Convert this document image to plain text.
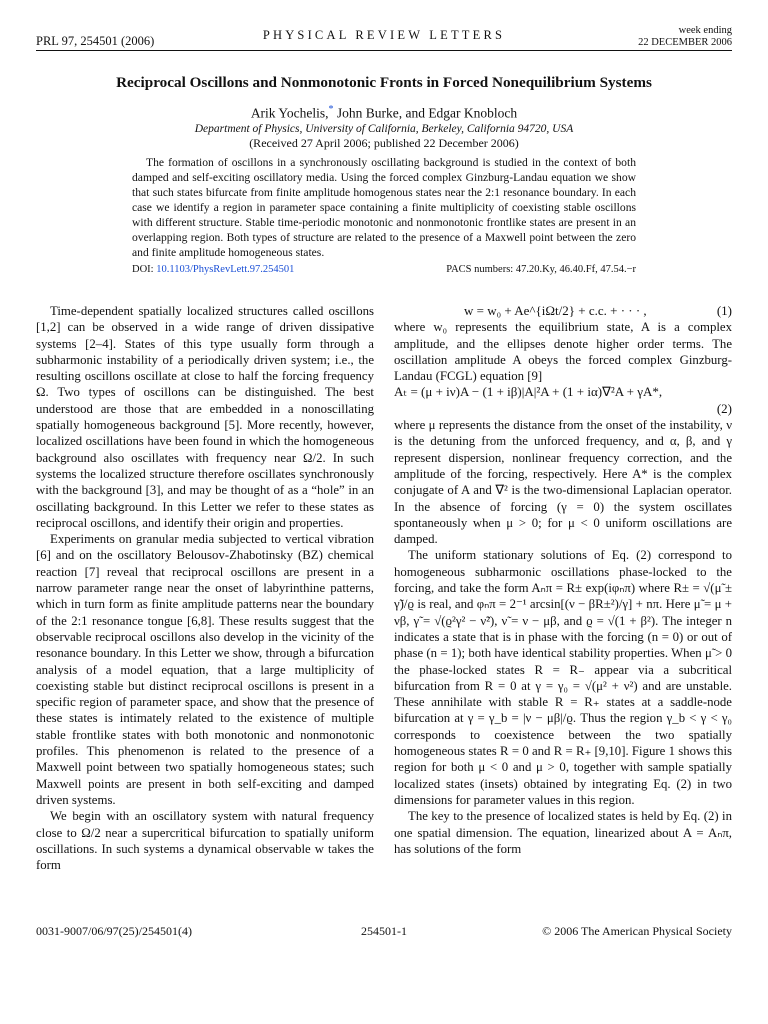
PRL 97, 254501 (2006)	PHYSICAL REVIEW LETTERS	week ending
22 DECEMBER 2006
Reciprocal Oscillons and Nonmonotonic Fronts in Forced Nonequilibrium Systems
Arik Yochelis,* John Burke, and Edgar Knobloch
Department of Physics, University of California, Berkeley, California 94720, USA
(Received 27 April 2006; published 22 December 2006)
The formation of oscillons in a synchronously oscillating background is studied in the context of both damped and self-exciting oscillatory media. Using the forced complex Ginzburg-Landau equation we show that such states bifurcate from finite amplitude homogenous states near the 2:1 resonance boundary. In each case we identify a region in parameter space containing a finite multiplicity of coexisting stable oscillons with different structure. Stable time-periodic monotonic and nonmonotonic frontlike states are present in an overlapping region. Both types of structure are related to the presence of a Maxwell point between the zero and finite amplitude homogeneous states.
DOI: 10.1103/PhysRevLett.97.254501	PACS numbers: 47.20.Ky, 46.40.Ff, 47.54.−r

Time-dependent spatially localized structures called oscillons [1,2] can be observed in a wide range of driven dissipative systems [2–4]. States of this type usually form through a subharmonic instability of a periodically driven system; i.e., the resulting oscillons oscillate at close to half the forcing frequency Ω. Two types of oscillons can be distinguished. The best understood are those that are embedded in a nonoscillating spatially homogeneous background [5]. More recently, however, localized oscillations have been found in which the homogeneous background also oscillates with frequency near Ω/2. In such systems the localized structure therefore oscillates synchronously with the background [3], and may be thought of as a “hole” in an oscillating background. In this Letter we refer to these states as reciprocal oscillons, and identify their origin and properties.

Experiments on granular media subjected to vertical vibration [6] and on the oscillatory Belousov-Zhabotinsky (BZ) chemical reaction [7] reveal that reciprocal oscillons are present in a narrow parameter range near the onset of labyrinthine patterns, which in turn form as finite amplitude patterns near the boundary of the 2:1 resonance tongue [6,8]. These results suggest that the observable reciprocal oscillons also develop in the vicinity of the resonance boundary. In this Letter we show, through a bifurcation analysis of a model equation, that a large multiplicity of coexisting stable but distinct reciprocal oscillons is present in a specific region of parameter space, and show that the presence of these states is intimately related to the existence of multiple stable frontlike states with both monotonic and nonmonotonic profiles. This phenomenon is related to the presence of a Maxwell point between two spatially homogeneous states; such Maxwell points are present in both self-exciting and damped driven systems.

We begin with an oscillatory system with natural frequency close to Ω/2 near a supercritical bifurcation to spatially uniform oscillations. In such systems a dynamical observable w takes the form

w = w₀ + Ae^{iΩt/2} + c.c. + · · · ,	(1)

where w₀ represents the equilibrium state, A is a complex amplitude, and the ellipses denote higher order terms. The oscillation amplitude A obeys the forced complex Ginzburg-Landau (FCGL) equation [9]

Aₜ = (μ + iν)A − (1 + iβ)|A|²A + (1 + iα)∇²A + γA*,
(2)

where μ represents the distance from the onset of the instability, ν is the detuning from the unforced frequency, and α, β, and γ represent dispersion, nonlinear frequency correction, and the amplitude of the forcing, respectively. Here A* is the complex conjugate of A and ∇² is the two-dimensional Laplacian operator. In the absence of forcing (γ = 0) the system oscillates spontaneously when μ > 0; for μ < 0 uniform oscillations are damped.

The uniform stationary solutions of Eq. (2) correspond to homogeneous subharmonic oscillations phase-locked to the forcing, and take the form Aₙπ = R± exp(iφₙπ) where R± = √(μ̃ ± γ̃)/ϱ is real, and φₙπ = 2⁻¹ arcsin[(ν − βR±²)/γ] + nπ. Here μ̃ = μ + νβ, γ̃ = √(ϱ²γ² − ν̃²), ν̃ = ν − μβ, and ϱ = √(1 + β²). The integer n indicates a state that is in phase with the forcing (n = 0) or out of phase (n = 1); both have identical stability properties. When μ̃ > 0 the phase-locked states R = R₋ appear via a subcritical bifurcation from R = 0 at γ = γ₀ = √(μ² + ν²) and are unstable. These annihilate with stable R = R₊ states at a saddle-node bifurcation at γ = γ_b = |ν − μβ|/ϱ. Thus the region γ_b < γ < γ₀ corresponds to coexistence between the two spatially homogeneous states R = 0 and R = R₊ [9,10]. Figure 1 shows this region for both μ < 0 and μ > 0, together with sample spatially localized states (insets) obtained by integrating Eq. (2) in two dimensions for parameter values in this region.

The key to the presence of localized states is held by Eq. (2) in one spatial dimension. The equation, linearized about A = Aₙπ, has solutions of the form

0031-9007/06/97(25)/254501(4)	254501-1	© 2006 The American Physical Society
